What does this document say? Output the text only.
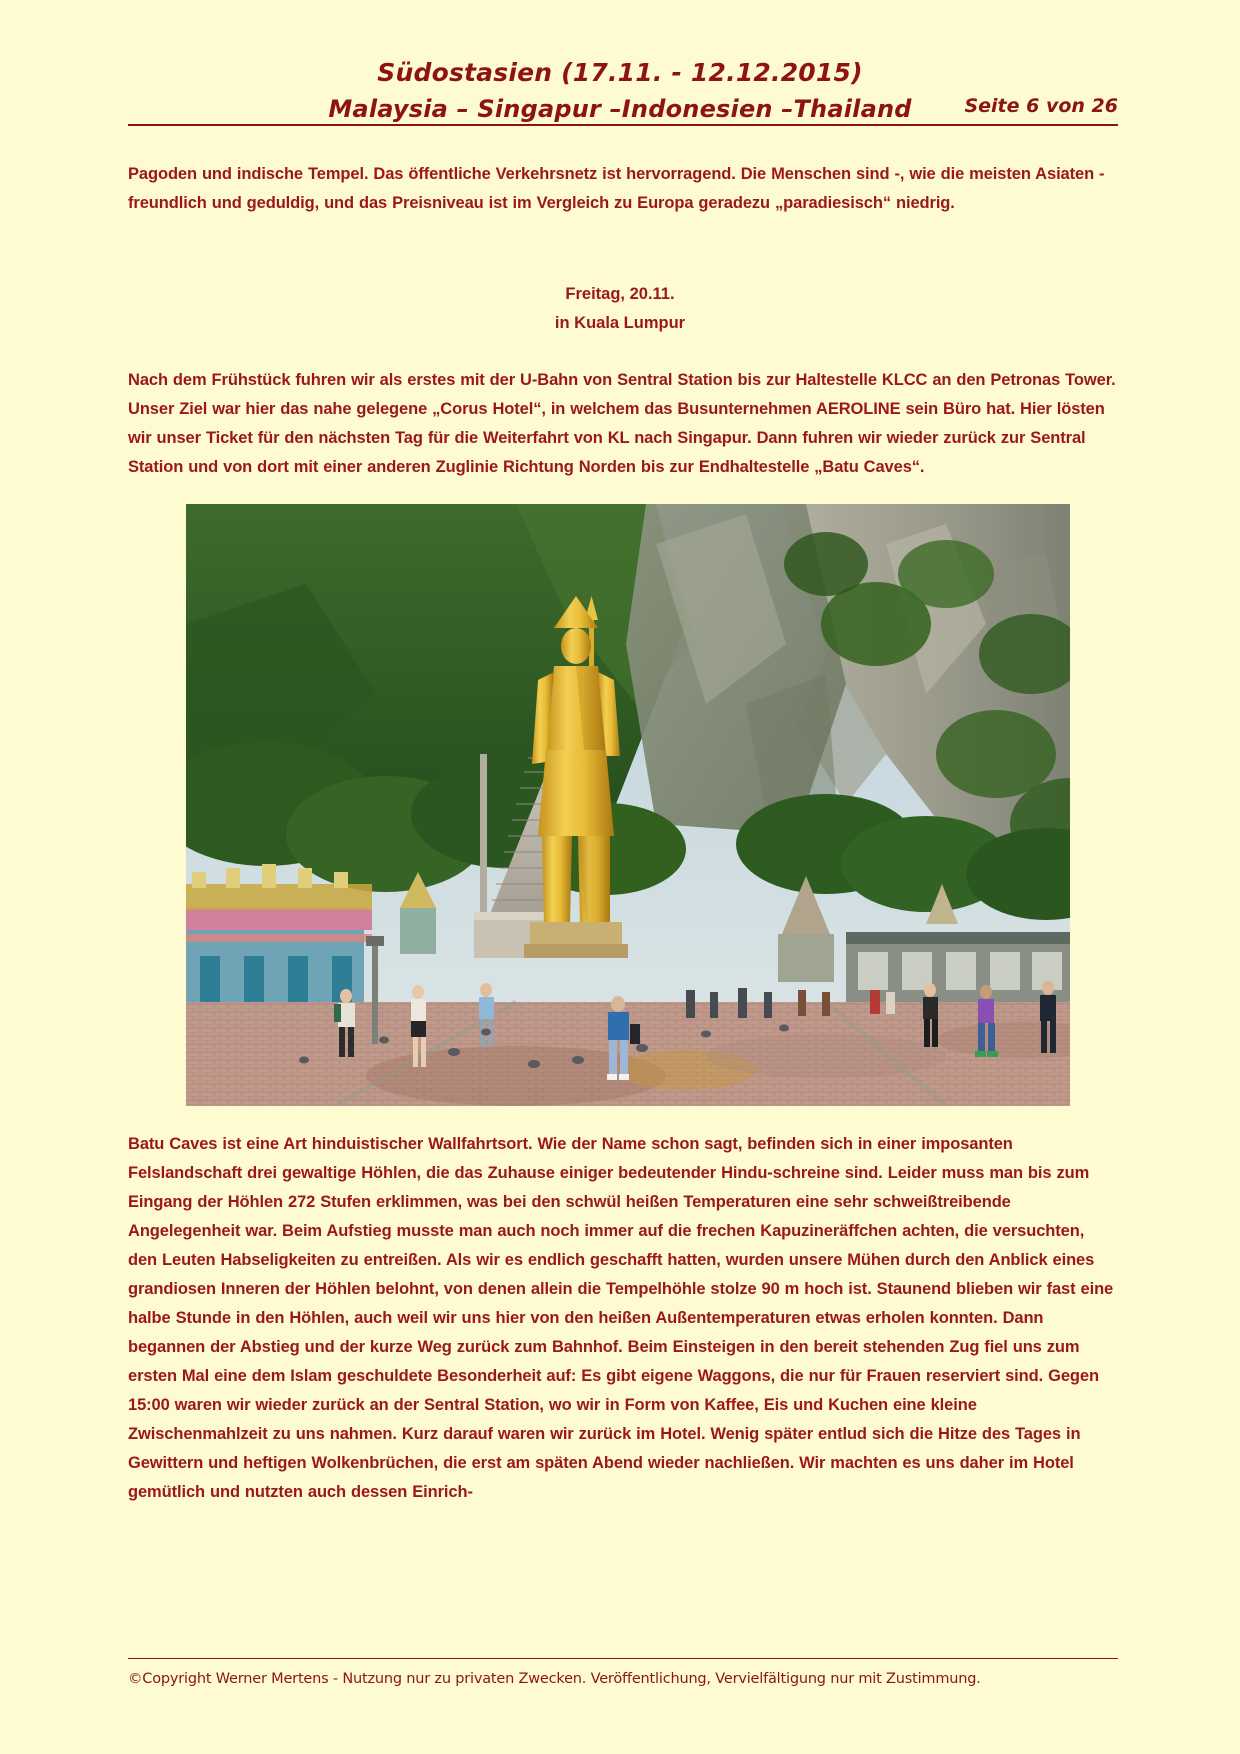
Südostasien (17.11. - 12.12.2015)
Malaysia – Singapur –Indonesien –Thailand	Seite 6 von 26

Pagoden und indische Tempel. Das öffentliche Verkehrsnetz ist hervorragend. Die Menschen sind -, wie die meisten Asiaten - freundlich und geduldig, und das Preisniveau ist im Vergleich zu Europa geradezu „paradiesisch“ niedrig.

Freitag, 20.11.
in Kuala Lumpur

Nach dem Frühstück fuhren wir als erstes mit der U-Bahn von Sentral Station bis zur Haltestelle KLCC an den Petronas Tower. Unser Ziel war hier das nahe gelegene „Corus Hotel“, in welchem das Busunternehmen AEROLINE sein Büro hat. Hier lösten wir unser Ticket für den nächsten Tag für die Weiterfahrt von KL nach Singapur. Dann fuhren wir wieder zurück zur Sentral Station und von dort mit einer anderen Zuglinie Richtung Norden bis zur Endhaltestelle „Batu Caves“.

Batu Caves ist eine Art hinduistischer Wallfahrtsort. Wie der Name schon sagt, befinden sich in einer imposanten Felslandschaft drei gewaltige Höhlen, die das Zuhause einiger bedeutender Hindu-schreine sind. Leider muss man bis zum Eingang der Höhlen 272 Stufen erklimmen, was bei den schwül heißen Temperaturen eine sehr schweißtreibende Angelegenheit war. Beim Aufstieg musste man auch noch immer auf die frechen Kapuzineräffchen achten, die versuchten, den Leuten Habseligkeiten zu entreißen. Als wir es endlich geschafft hatten, wurden unsere Mühen durch den Anblick eines grandiosen Inneren der Höhlen belohnt, von denen allein die Tempelhöhle stolze 90 m hoch ist. Staunend blieben wir fast eine halbe Stunde in den Höhlen, auch weil wir uns hier von den heißen Außentemperaturen etwas erholen konnten. Dann begannen der Abstieg und der kurze Weg zurück zum Bahnhof. Beim Einsteigen in den bereit stehenden Zug fiel uns zum ersten Mal eine dem Islam geschuldete Besonderheit auf: Es gibt eigene Waggons, die nur für Frauen reserviert sind. Gegen 15:00 waren wir wieder zurück an der Sentral Station, wo wir in Form von Kaffee, Eis und Kuchen eine kleine Zwischenmahlzeit zu uns nahmen. Kurz darauf waren wir zurück im Hotel. Wenig später entlud sich die Hitze des Tages in Gewittern und heftigen Wolkenbrüchen, die erst am späten Abend wieder nachließen. Wir machten es uns daher im Hotel gemütlich und nutzten auch dessen Einrich-

©Copyright Werner Mertens - Nutzung nur zu privaten Zwecken. Veröffentlichung, Vervielfältigung nur mit Zustimmung.
